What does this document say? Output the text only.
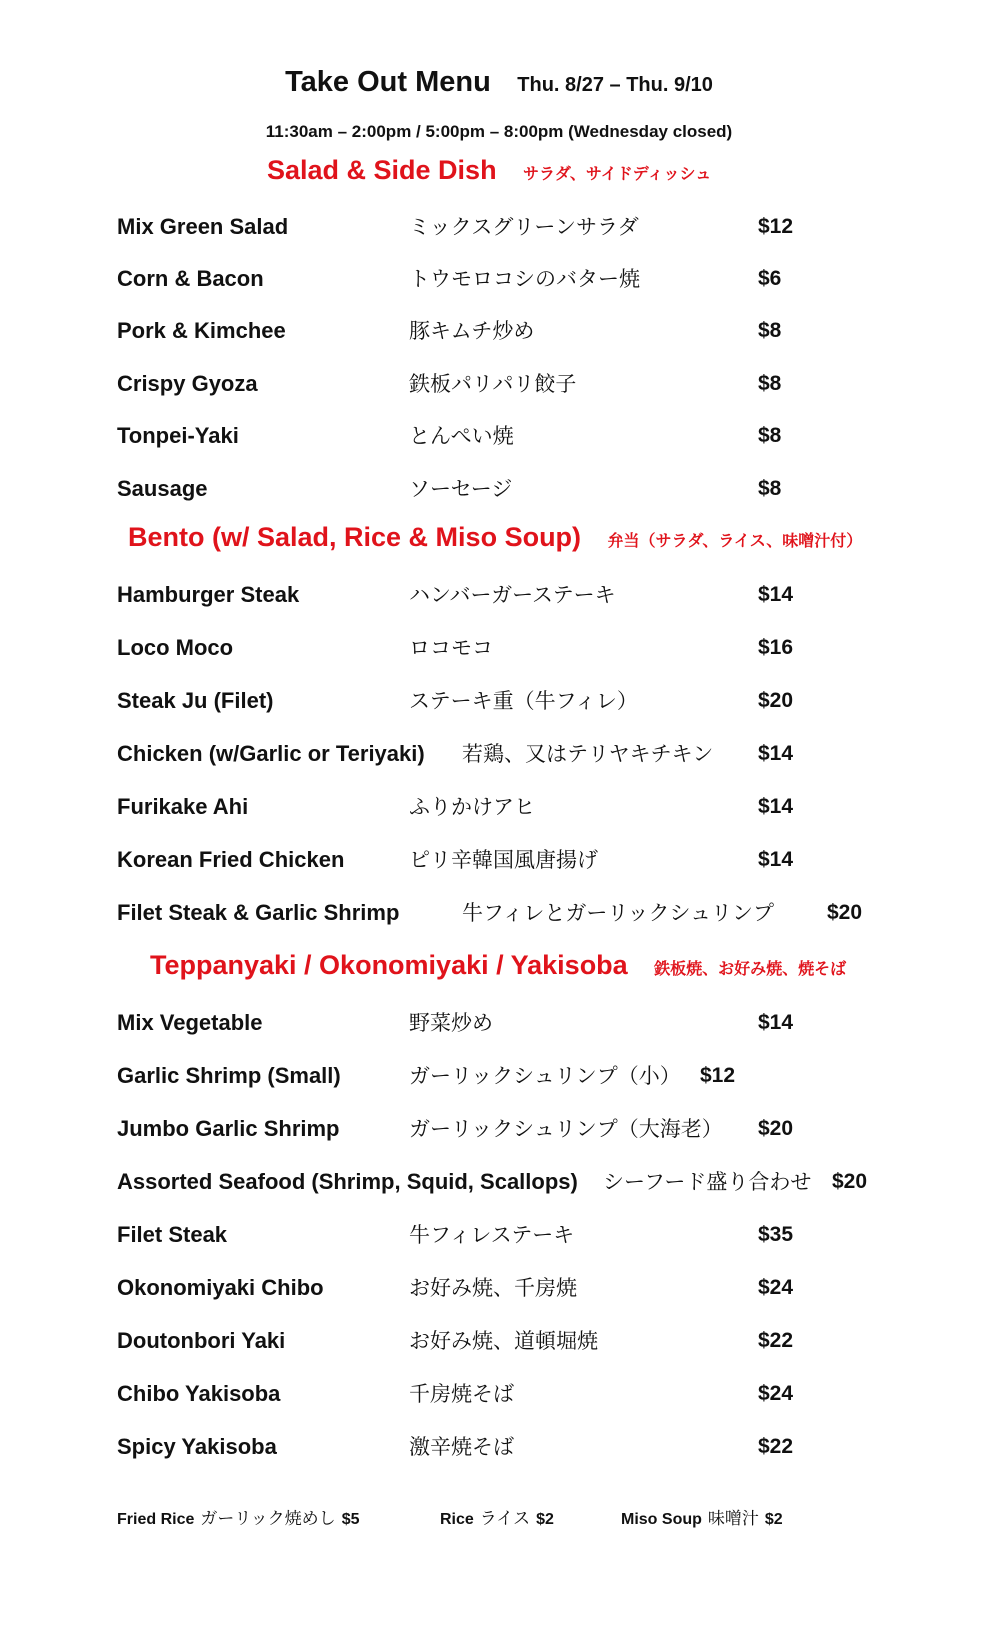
Take Out Menu Thu. 8/27 – Thu. 9/10
11:30am – 2:00pm / 5:00pm – 8:00pm (Wednesday closed)
Salad & Side Dish サラダ、サイドディッシュ
Mix Green Salad	ミックスグリーンサラダ	$12
Corn & Bacon	トウモロコシのバター焼	$6
Pork & Kimchee	豚キムチ炒め	$8
Crispy Gyoza	鉄板パリパリ餃子	$8
Tonpei-Yaki	とんぺい焼	$8
Sausage	ソーセージ	$8
Bento (w/ Salad, Rice & Miso Soup) 弁当（サラダ、ライス、味噌汁付）
Hamburger Steak	ハンバーガーステーキ	$14
Loco Moco	ロコモコ	$16
Steak Ju (Filet)	ステーキ重（牛フィレ）	$20
Chicken (w/Garlic or Teriyaki) 若鶏、又はテリヤキチキン $14
Furikake Ahi	ふりかけアヒ	$14
Korean Fried Chicken	ピリ辛韓国風唐揚げ	$14
Filet Steak & Garlic Shrimp	牛フィレとガーリックシュリンプ	$20
Teppanyaki / Okonomiyaki / Yakisoba 鉄板焼、お好み焼、焼そば
Mix Vegetable	野菜炒め	$14
Garlic Shrimp (Small)	ガーリックシュリンプ（小） $12
Jumbo Garlic Shrimp	ガーリックシュリンプ（大海老） $20
Assorted Seafood (Shrimp, Squid, Scallops) シーフード盛り合わせ $20
Filet Steak	牛フィレステーキ	$35
Okonomiyaki Chibo	お好み焼、千房焼	$24
Doutonbori Yaki	お好み焼、道頓堀焼	$22
Chibo Yakisoba	千房焼そば	$24
Spicy Yakisoba	激辛焼そば	$22
Fried Rice ガーリック焼めし $5	Rice ライス $2	Miso Soup 味噌汁 $2
